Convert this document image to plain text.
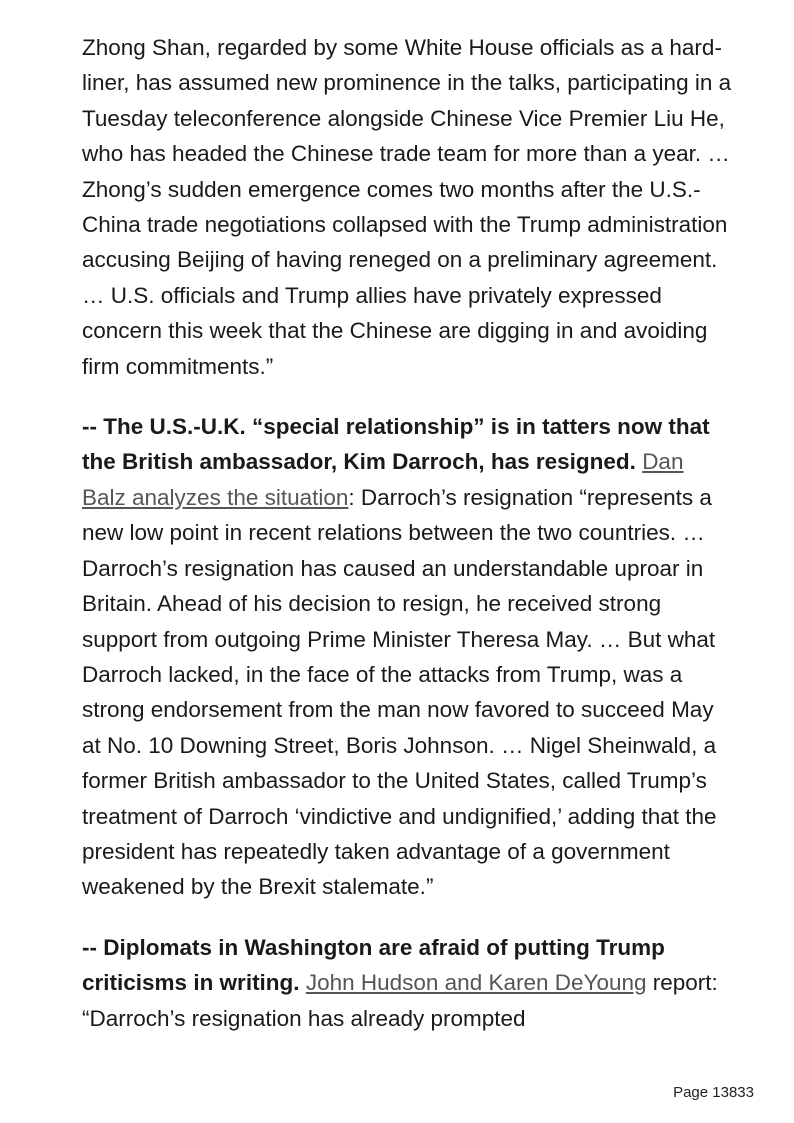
Zhong Shan, regarded by some White House officials as a hard-liner, has assumed new prominence in the talks, participating in a Tuesday teleconference alongside Chinese Vice Premier Liu He, who has headed the Chinese trade team for more than a year. … Zhong’s sudden emergence comes two months after the U.S.-China trade negotiations collapsed with the Trump administration accusing Beijing of having reneged on a preliminary agreement. … U.S. officials and Trump allies have privately expressed concern this week that the Chinese are digging in and avoiding firm commitments.”

-- The U.S.-U.K. “special relationship” is in tatters now that the British ambassador, Kim Darroch, has resigned. Dan Balz analyzes the situation: Darroch’s resignation “represents a new low point in recent relations between the two countries. … Darroch’s resignation has caused an understandable uproar in Britain. Ahead of his decision to resign, he received strong support from outgoing Prime Minister Theresa May. … But what Darroch lacked, in the face of the attacks from Trump, was a strong endorsement from the man now favored to succeed May at No. 10 Downing Street, Boris Johnson. … Nigel Sheinwald, a former British ambassador to the United States, called Trump’s treatment of Darroch ‘vindictive and undignified,’ adding that the president has repeatedly taken advantage of a government weakened by the Brexit stalemate.”

-- Diplomats in Washington are afraid of putting Trump criticisms in writing. John Hudson and Karen DeYoung report: “Darroch’s resignation has already prompted

Page 13833
